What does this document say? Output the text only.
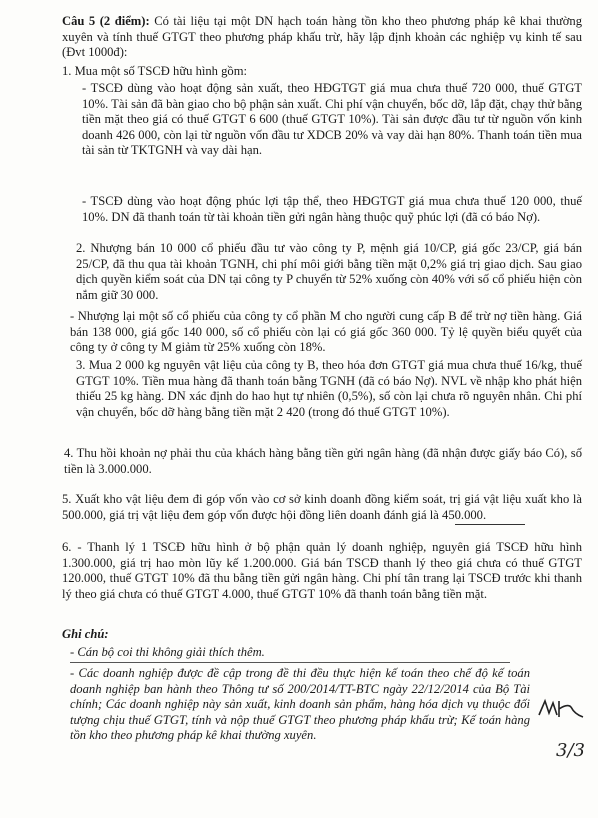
Câu 5 (2 điểm): Có tài liệu tại một DN hạch toán hàng tồn kho theo phương pháp kê khai thường xuyên và tính thuế GTGT theo phương pháp khấu trừ, hãy lập định khoản các nghiệp vụ kinh tế sau (Đvt 1000đ):
1. Mua một số TSCĐ hữu hình gồm:
- TSCĐ dùng vào hoạt động sản xuất, theo HĐGTGT giá mua chưa thuế 720 000, thuế GTGT 10%. Tài sản đã bàn giao cho bộ phận sản xuất. Chi phí vận chuyển, bốc dỡ, lắp đặt, chạy thử bằng tiền mặt theo giá có thuế GTGT 6 600 (thuế GTGT 10%). Tài sản được đầu tư từ nguồn vốn kinh doanh 426 000, còn lại từ nguồn vốn đầu tư XDCB 20% và vay dài hạn 80%. Thanh toán tiền mua tài sản từ TKTGNH và vay dài hạn.
- TSCĐ dùng vào hoạt động phúc lợi tập thể, theo HĐGTGT giá mua chưa thuế 120 000, thuế 10%. DN đã thanh toán từ tài khoản tiền gửi ngân hàng thuộc quỹ phúc lợi (đã có báo Nợ).
2. Nhượng bán 10 000 cổ phiếu đầu tư vào công ty P, mệnh giá 10/CP, giá gốc 23/CP, giá bán 25/CP, đã thu qua tài khoản TGNH, chi phí môi giới bằng tiền mặt 0,2% giá trị giao dịch. Sau giao dịch quyền kiểm soát của DN tại công ty P chuyển từ 52% xuống còn 40% với số cổ phiếu hiện còn nắm giữ 30 000.
- Nhượng lại một số cổ phiếu của công ty cổ phần M cho người cung cấp B để trừ nợ tiền hàng. Giá bán 138 000, giá gốc 140 000, số cổ phiếu còn lại có giá gốc 360 000. Tỷ lệ quyền biểu quyết của công ty ở công ty M giảm từ 25% xuống còn 18%.
3. Mua 2 000 kg nguyên vật liệu của công ty B, theo hóa đơn GTGT giá mua chưa thuế 16/kg, thuế GTGT 10%. Tiền mua hàng đã thanh toán bằng TGNH (đã có báo Nợ). NVL về nhập kho phát hiện thiếu 25 kg hàng. DN xác định do hao hụt tự nhiên (0,5%), số còn lại chưa rõ nguyên nhân. Chi phí vận chuyển, bốc dỡ hàng bằng tiền mặt 2 420 (trong đó thuế GTGT 10%).
4. Thu hồi khoản nợ phải thu của khách hàng bằng tiền gửi ngân hàng (đã nhận được giấy báo Có), số tiền là 3.000.000.
5. Xuất kho vật liệu đem đi góp vốn vào cơ sở kinh doanh đồng kiểm soát, trị giá vật liệu xuất kho là 500.000, giá trị vật liệu đem góp vốn được hội đồng liên doanh đánh giá là 450.000.
6. - Thanh lý 1 TSCĐ hữu hình ở bộ phận quản lý doanh nghiệp, nguyên giá TSCĐ hữu hình 1.300.000, giá trị hao mòn lũy kế 1.200.000. Giá bán TSCĐ thanh lý theo giá chưa có thuế GTGT 120.000, thuế GTGT 10% đã thu bằng tiền gửi ngân hàng. Chi phí tân trang lại TSCĐ trước khi thanh lý theo giá chưa có thuế GTGT 4.000, thuế GTGT 10% đã thanh toán bằng tiền mặt.
Ghi chú:
- Cán bộ coi thi không giải thích thêm.
- Các doanh nghiệp được đề cập trong đề thi đều thực hiện kế toán theo chế độ kế toán doanh nghiệp ban hành theo Thông tư số 200/2014/TT-BTC ngày 22/12/2014 của Bộ Tài chính; Các doanh nghiệp này sản xuất, kinh doanh sản phẩm, hàng hóa dịch vụ thuộc đối tượng chịu thuế GTGT, tính và nộp thuế GTGT theo phương pháp khấu trừ; Kế toán hàng tồn kho theo phương pháp kê khai thường xuyên.
3/3
